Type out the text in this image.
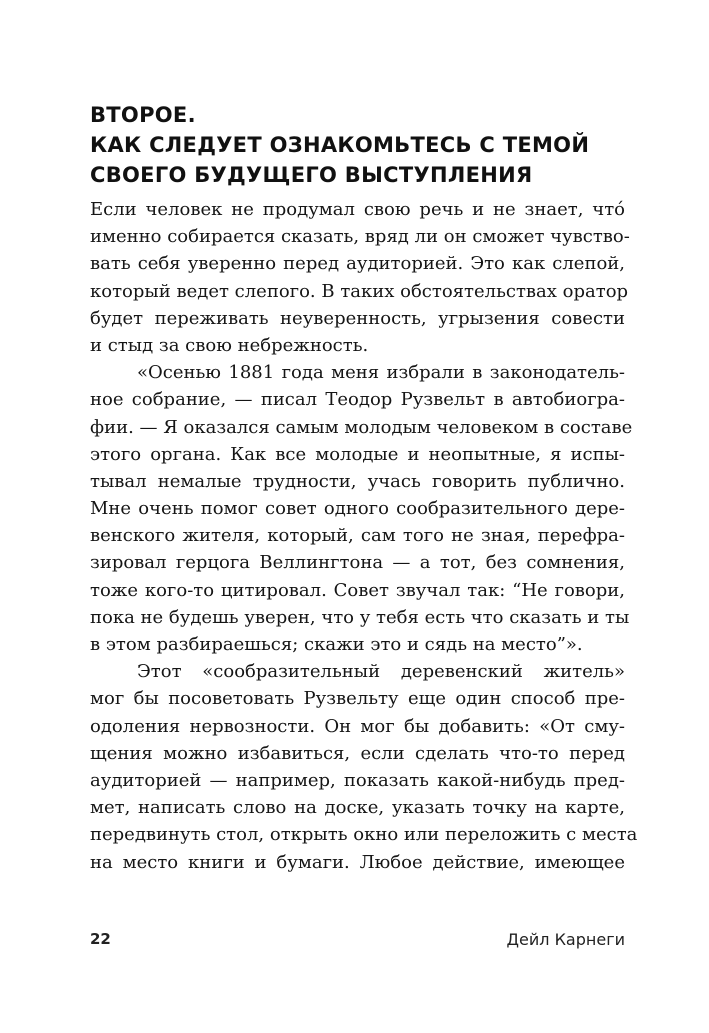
ВТОРОЕ.
КАК СЛЕДУЕТ ОЗНАКОМЬТЕСЬ С ТЕМОЙ
СВОЕГО БУДУЩЕГО ВЫСТУПЛЕНИЯ
Если человек не продумал свою речь и не знает, что́
именно собирается сказать, вряд ли он сможет чувство-
вать себя уверенно перед аудиторией. Это как слепой,
который ведет слепого. В таких обстоятельствах оратор
будет переживать неуверенность, угрызения совести
и стыд за свою небрежность.
«Осенью 1881 года меня избрали в законодатель-
ное собрание, — писал Теодор Рузвельт в автобиогра-
фии. — Я оказался самым молодым человеком в составе
этого органа. Как все молодые и неопытные, я испы-
тывал немалые трудности, учась говорить публично.
Мне очень помог совет одного сообразительного дере-
венского жителя, который, сам того не зная, перефра-
зировал герцога Веллингтона — а тот, без сомнения,
тоже кого-то цитировал. Совет звучал так: “Не говори,
пока не будешь уверен, что у тебя есть что сказать и ты
в этом разбираешься; скажи это и сядь на место”».
Этот «сообразительный деревенский житель»
мог бы посоветовать Рузвельту еще один способ пре-
одоления нервозности. Он мог бы добавить: «От сму-
щения можно избавиться, если сделать что-то перед
аудиторией — например, показать какой-нибудь пред-
мет, написать слово на доске, указать точку на карте,
передвинуть стол, открыть окно или переложить с места
на место книги и бумаги. Любое действие, имеющее
22	Дейл Карнеги
